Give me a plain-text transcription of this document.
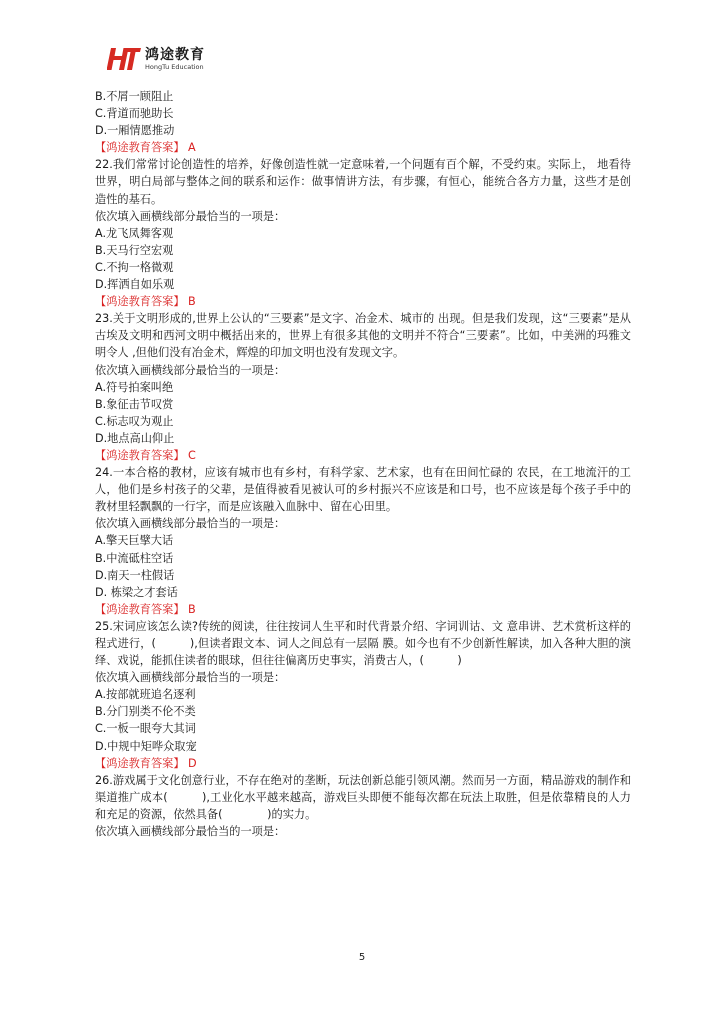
鸿途教育
HongTu Education
B.不屑一顾阻止
C.背道而驰助长
D.一厢情愿推动
【鸿途教育答案】 A
22.我们常常讨论创造性的培养，好像创造性就一定意味着,一个问题有百个解，不受约束。实际上， 地看待世界，明白局部与整体之间的联系和运作：做事情讲方法，有步骤，有恒心，能统合各方力量，这些才是创造性的基石。
依次填入画横线部分最恰当的一项是：
A.龙飞凤舞客观
B.天马行空宏观
C.不拘一格微观
D.挥洒自如乐观
【鸿途教育答案】 B
23.关于文明形成的,世界上公认的“三要素”是文字、冶金术、城市的 出现。但是我们发现，这“三要素”是从古埃及文明和西河文明中概括出来的，世界上有很多其他的文明并不符合“三要素”。比如，中美洲的玛雅文明令人 ,但他们没有冶金术，辉煌的印加文明也没有发现文字。
依次填入画横线部分最恰当的一项是：
A.符号拍案叫绝
B.象征击节叹赏
C.标志叹为观止
D.地点高山仰止
【鸿途教育答案】 C
24.一本合格的教材，应该有城市也有乡村，有科学家、艺术家，也有在田间忙碌的 农民，在工地流汗的工人，他们是乡村孩子的父辈，是值得被看见被认可的乡村振兴不应该是和口号，也不应该是每个孩子手中的教材里轻飘飘的一行字，而是应该融入血脉中、留在心田里。
依次填入画横线部分最恰当的一项是：
A.擎天巨擘大话
B.中流砥柱空话
D.南天一柱假话
D. 栋梁之才套话
【鸿途教育答案】 B
25.宋词应该怎么读?传统的阅读，往往按词人生平和时代背景介绍、字词训诂、文 意串讲、艺术赏析这样的程式进行，(　　　),但读者跟文本、词人之间总有一层隔 膜。如今也有不少创新性解读，加入各种大胆的演绎、戏说，能抓住读者的眼球，但往往偏离历史事实，消费古人，(　　　)
依次填入画横线部分最恰当的一项是：
A.按部就班追名逐利
B.分门别类不伦不类
C.一板一眼夸大其词
D.中规中矩哗众取宠
【鸿途教育答案】 D
26.游戏属于文化创意行业，不存在绝对的垄断，玩法创新总能引领风潮。然而另一方面，精品游戏的制作和渠道推广成本(　　　),工业化水平越来越高，游戏巨头即便不能每次都在玩法上取胜，但是依靠精良的人力和充足的资源，依然具备(　　　　)的实力。
依次填入画横线部分最恰当的一项是：
5
